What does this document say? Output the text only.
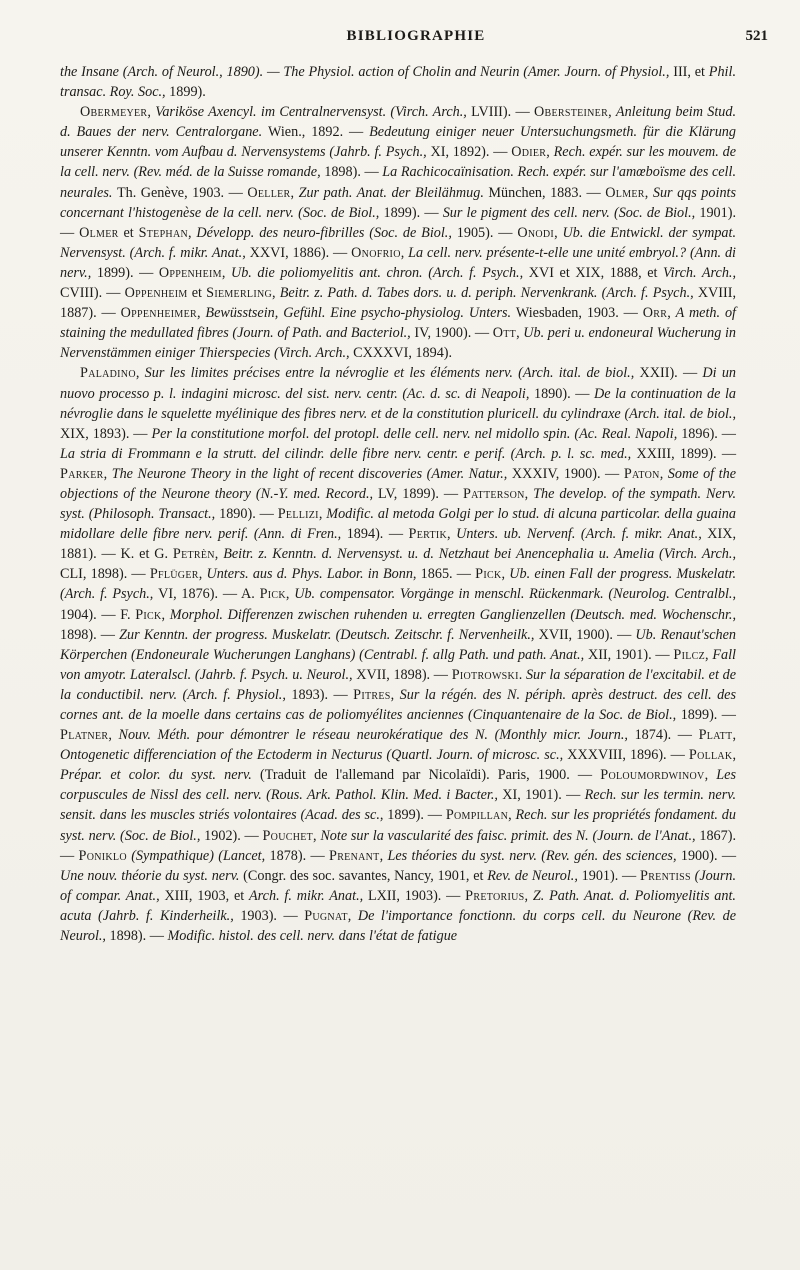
BIBLIOGRAPHIE	521

the Insane (Arch. of Neurol., 1890). — The Physiol. action of Cholin and Neurin (Amer. Journ. of Physiol., III, et Phil. transac. Roy. Soc., 1899).

Obermeyer, Variköse Axencyl. im Centralnervensyst. (Virch. Arch., LVIII). — Obersteiner, Anleitung beim Stud. d. Baues der nerv. Centralorgane. Wien., 1892. — Bedeutung einiger neuer Untersuchungsmeth. für die Klärung unserer Kenntn. vom Aufbau d. Nervensystems (Jahrb. f. Psych., XI, 1892). — Odier, Rech. expér. sur les mouvem. de la cell. nerv. (Rev. méd. de la Suisse romande, 1898). — La Rachicocaïnisation. Rech. expér. sur l'amœboïsme des cell. neurales. Th. Genève, 1903. — Oeller, Zur path. Anat. der Bleilähmug. München, 1883. — Olmer, Sur qqs points concernant l'histogenèse de la cell. nerv. (Soc. de Biol., 1899). — Sur le pigment des cell. nerv. (Soc. de Biol., 1901). — Olmer et Stephan, Développ. des neuro-fibrilles (Soc. de Biol., 1905). — Onodi, Ub. die Entwickl. der sympat. Nervensyst. (Arch. f. mikr. Anat., XXVI, 1886). — Onofrio, La cell. nerv. présente-t-elle une unité embryol.? (Ann. di nerv., 1899). — Oppenheim, Ub. die poliomyelitis ant. chron. (Arch. f. Psych., XVI et XIX, 1888, et Virch. Arch., CVIII). — Oppenheim et Siemerling, Beitr. z. Path. d. Tabes dors. u. d. periph. Nervenkrank. (Arch. f. Psych., XVIII, 1887). — Oppenheimer, Bewüsstsein, Gefühl. Eine psycho-physiolog. Unters. Wiesbaden, 1903. — Orr, A meth. of staining the medullated fibres (Journ. of Path. and Bacteriol., IV, 1900). — Ott, Ub. peri u. endoneural Wucherung in Nervenstämmen einiger Thierspecies (Virch. Arch., CXXXVI, 1894).

Paladino, Sur les limites précises entre la névroglie et les éléments nerv. (Arch. ital. de biol., XXII). — Di un nuovo processo p. l. indagini microsc. del sist. nerv. centr. (Ac. d. sc. di Neapoli, 1890). — De la continuation de la névroglie dans le squelette myélinique des fibres nerv. et de la constitution pluricell. du cylindraxe (Arch. ital. de biol., XIX, 1893). — Per la constitutione morfol. del protopl. delle cell. nerv. nel midollo spin. (Ac. Real. Napoli, 1896). — La stria di Frommann e la strutt. del cilindr. delle fibre nerv. centr. e perif. (Arch. p. l. sc. med., XXIII, 1899). — Parker, The Neurone Theory in the light of recent discoveries (Amer. Natur., XXXIV, 1900). — Paton, Some of the objections of the Neurone theory (N.-Y. med. Record., LV, 1899). — Patterson, The develop. of the sympath. Nerv. syst. (Philosoph. Transact., 1890). — Pellizi, Modific. al metoda Golgi per lo stud. di alcuna particolar. della guaina midollare delle fibre nerv. perif. (Ann. di Fren., 1894). — Pertik, Unters. ub. Nervenf. (Arch. f. mikr. Anat., XIX, 1881). — K. et G. Petrèn, Beitr. z. Kenntn. d. Nervensyst. u. d. Netzhaut bei Anencephalia u. Amelia (Virch. Arch., CLI, 1898). — Pflüger, Unters. aus d. Phys. Labor. in Bonn, 1865. — Pick, Ub. einen Fall der progress. Muskelatr. (Arch. f. Psych., VI, 1876). — A. Pick, Ub. compensator. Vorgänge in menschl. Rückenmark. (Neurolog. Centralbl., 1904). — F. Pick, Morphol. Differenzen zwischen ruhenden u. erregten Ganglienzellen (Deutsch. med. Wochenschr., 1898). — Zur Kenntn. der progress. Muskelatr. (Deutsch. Zeitschr. f. Nervenheilk., XVII, 1900). — Ub. Renaut'schen Körperchen (Endoneurale Wucherungen Langhans) (Centrabl. f. allg Path. und path. Anat., XII, 1901). — Pilcz, Fall von amyotr. Lateralscl. (Jahrb. f. Psych. u. Neurol., XVII, 1898). — Piotrowski. Sur la séparation de l'excitabil. et de la conductibil. nerv. (Arch. f. Physiol., 1893). — Pitres, Sur la régén. des N. périph. après destruct. des cell. des cornes ant. de la moelle dans certains cas de poliomyélites anciennes (Cinquantenaire de la Soc. de Biol., 1899). — Platner, Nouv. Méth. pour démontrer le réseau neurokératique des N. (Monthly micr. Journ., 1874). — Platt, Ontogenetic differenciation of the Ectoderm in Necturus (Quartl. Journ. of microsc. sc., XXXVIII, 1896). — Pollak, Prépar. et color. du syst. nerv. (Traduit de l'allemand par Nicolaïdi). Paris, 1900. — Poloumordwinov, Les corpuscules de Nissl des cell. nerv. (Rous. Ark. Pathol. Klin. Med. i Bacter., XI, 1901). — Rech. sur les termin. nerv. sensit. dans les muscles striés volontaires (Acad. des sc., 1899). — Pompillan, Rech. sur les propriétés fondament. du syst. nerv. (Soc. de Biol., 1902). — Pouchet, Note sur la vascularité des faisc. primit. des N. (Journ. de l'Anat., 1867). — Poniklo (Sympathique) (Lancet, 1878). — Prenant, Les théories du syst. nerv. (Rev. gén. des sciences, 1900). — Une nouv. théorie du syst. nerv. (Congr. des soc. savantes, Nancy, 1901, et Rev. de Neurol., 1901). — Prentiss (Journ. of compar. Anat., XIII, 1903, et Arch. f. mikr. Anat., LXII, 1903). — Pretorius, Z. Path. Anat. d. Poliomyelitis ant. acuta (Jahrb. f. Kinderheilk., 1903). — Pugnat, De l'importance fonctionn. du corps cell. du Neurone (Rev. de Neurol., 1898). — Modific. histol. des cell. nerv. dans l'état de fatigue
